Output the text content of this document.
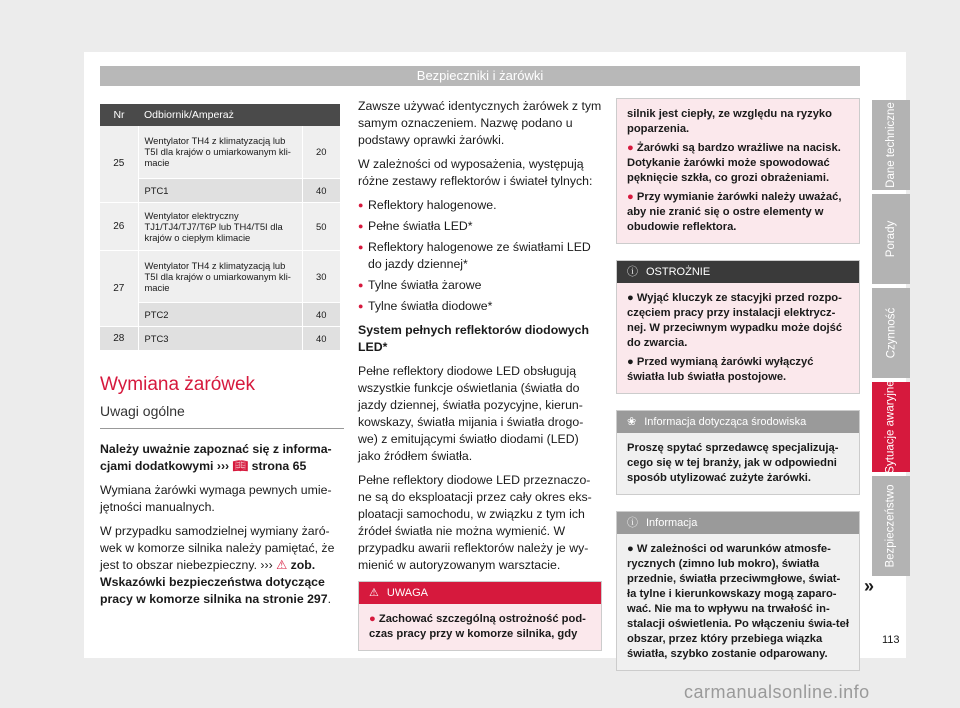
Bezpieczniki i żarówki
Nr	Odbiornik/Amperaż	
25	Wentylator TH4 z klimatyzacją lub T5I dla krajów o umiarkowanym kli-macie	20
	PTC1	40
26	Wentylator elektryczny TJ1/TJ4/TJ7/T6P lub TH4/T5I dla krajów o ciepłym klimacie	50
27	Wentylator TH4 z klimatyzacją lub T5I dla krajów o umiarkowanym kli-macie	30
	PTC2	40
28	PTC3	40
Wymiana żarówek
Uwagi ogólne

Należy uważnie zapoznać się z informa-cjami dodatkowymi ››› 📖︎ strona 65

Wymiana żarówki wymaga pewnych umie-jętności manualnych.

W przypadku samodzielnej wymiany żaró-wek w komorze silnika należy pamiętać, że jest to obszar niebezpieczny. ››› ⚠ zob. Wskazówki bezpieczeństwa dotyczące pracy w komorze silnika na stronie 297.

Zawsze używać identycznych żarówek z tym samym oznaczeniem. Nazwę podano u podstawy oprawki żarówki.

W zależności od wyposażenia, występują różne zestawy reflektorów i świateł tylnych:

● Reflektory halogenowe.
● Pełne światła LED*
● Reflektory halogenowe ze światłami LED do jazdy dziennej*
● Tylne światła żarowe
● Tylne światła diodowe*

System pełnych reflektorów diodowych LED*

Pełne reflektory diodowe LED obsługują wszystkie funkcje oświetlania (światła do jazdy dziennej, światła pozycyjne, kierun-kowskazy, światła mijania i światła drogo-we) z emitującymi światło diodami (LED) jako źródłem światła.

Pełne reflektory diodowe LED przeznaczo-ne są do eksploatacji przez cały okres eks-ploatacji samochodu, w związku z tym ich źródeł światła nie można wymienić. W przypadku awarii reflektorów należy je wy-mienić w autoryzowanym warsztacie.

⚠ UWAGA
● Zachować szczególną ostrożność pod-czas pracy przy w komorze silnika, gdy
silnik jest ciepły, ze względu na ryzyko poparzenia.
● Żarówki są bardzo wrażliwe na nacisk. Dotykanie żarówki może spowodować pęknięcie szkła, co grozi obrażeniami.
● Przy wymianie żarówki należy uważać, aby nie zranić się o ostre elementy w obudowie reflektora.
ⓘ OSTROŻNIE
● Wyjąć kluczyk ze stacyjki przed rozpo-częciem pracy przy instalacji elektrycz-nej. W przeciwnym wypadku może dojść do zwarcia.
● Przed wymianą żarówki wyłączyć światła lub światła postojowe.
❀ Informacja dotycząca środowiska
Proszę spytać sprzedawcę specjalizują-cego się w tej branży, jak w odpowiedni sposób utylizować zużyte żarówki.
ⓘ Informacja
● W zależności od warunków atmosfe-rycznych (zimno lub mokro), światła przednie, światła przeciwmgłowe, świat-ła tylne i kierunkowskazy mogą zaparo-wać. Nie ma to wpływu na trwałość in-stalacji oświetlenia. Po włączeniu świa-teł obszar, przez który przebiega wiązka światła, szybko zostanie odparowany.
Dane techniczne
Porady
Czynność
Sytuacje awaryjne
Bezpieczeństwo
»
113
carmanualsonline.info
